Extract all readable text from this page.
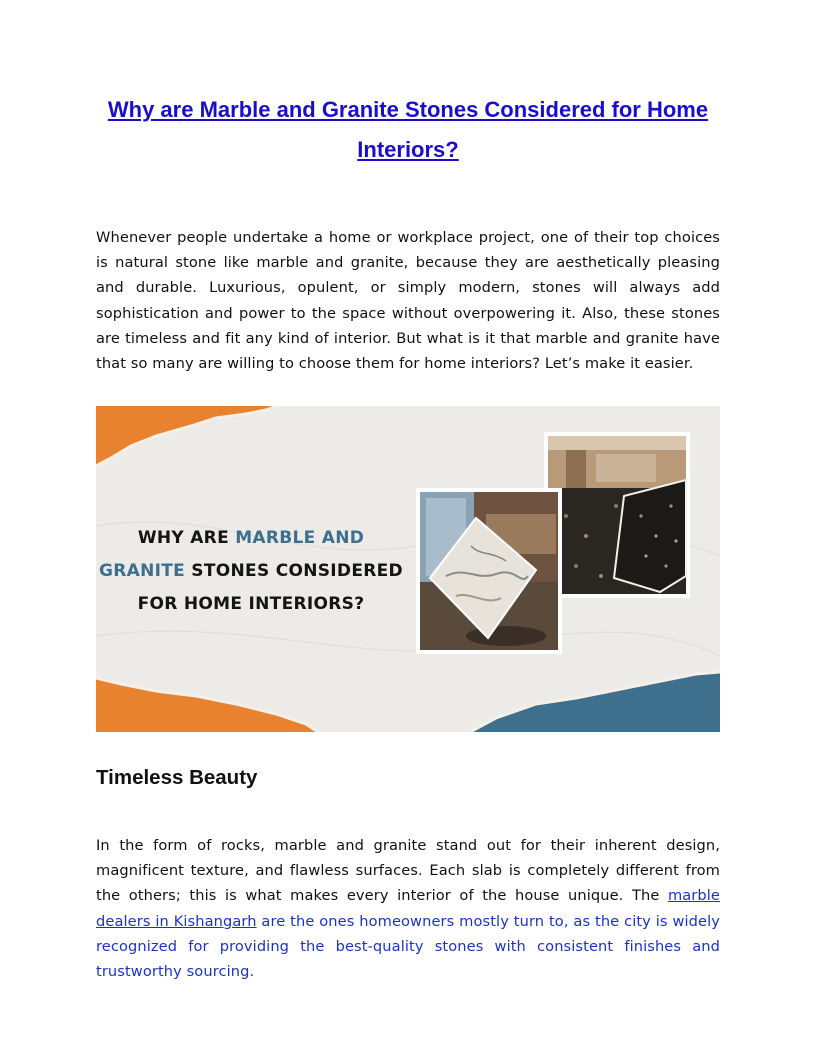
Why are Marble and Granite Stones Considered for Home Interiors?

Whenever people undertake a home or workplace project, one of their top choices is natural stone like marble and granite, because they are aesthetically pleasing and durable. Luxurious, opulent, or simply modern, stones will always add sophistication and power to the space without overpowering it. Also, these stones are timeless and fit any kind of interior. But what is it that marble and granite have that so many are willing to choose them for home interiors? Let’s make it easier.

WHY ARE MARBLE AND
GRANITE STONES CONSIDERED
FOR HOME INTERIORS?
Timeless Beauty

In the form of rocks, marble and granite stand out for their inherent design, magnificent texture, and flawless surfaces. Each slab is completely different from the others; this is what makes every interior of the house unique. The marble dealers in Kishangarh are the ones homeowners mostly turn to, as the city is widely recognized for providing the best-quality stones with consistent finishes and trustworthy sourcing.
